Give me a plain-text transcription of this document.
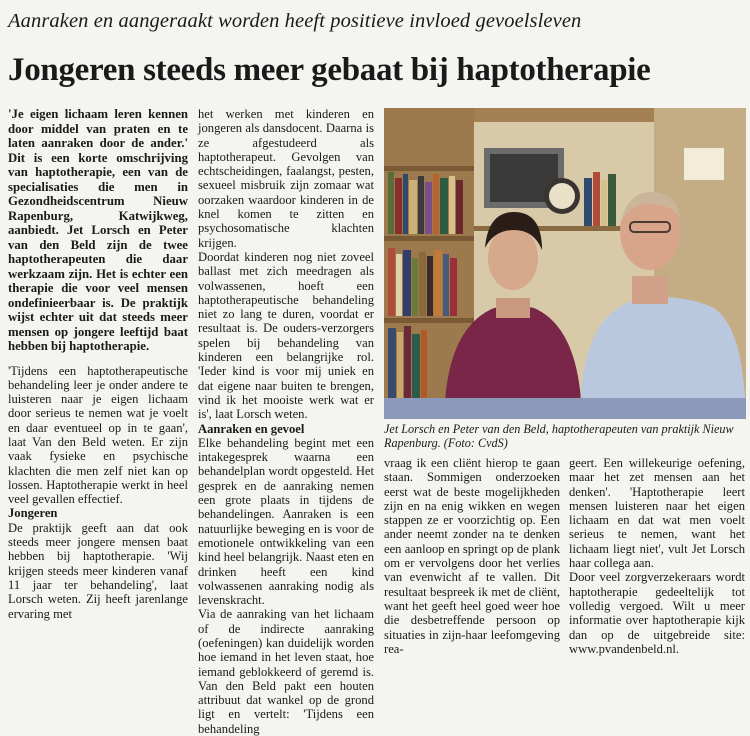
Aanraken en aangeraakt worden heeft positieve invloed gevoelsleven
Jongeren steeds meer gebaat bij haptotherapie

'Je eigen lichaam leren kennen door middel van praten en te laten aanraken door de ander.' Dit is een korte omschrijving van haptotherapie, een van de specialisaties die men in Gezondheidscentrum Nieuw Rapenburg, Katwijkweg, aanbiedt. Jet Lorsch en Peter van den Beld zijn de twee haptotherapeuten die daar werkzaam zijn. Het is echter een therapie die voor veel mensen ondefinieerbaar is. De praktijk wijst echter uit dat steeds meer mensen op jongere leeftijd baat hebben bij haptotherapie.

'Tijdens een haptotherapeutische behandeling leer je onder andere te luisteren naar je eigen lichaam door serieus te nemen wat je voelt en daar eventueel op in te gaan', laat Van den Beld weten. Er zijn vaak fysieke en psychische klachten die men zelf niet kan op lossen. Haptotherapie werkt in heel veel gevallen effectief.

Jongeren

De praktijk geeft aan dat ook steeds meer jongere mensen baat hebben bij haptotherapie. 'Wij krijgen steeds meer kinderen vanaf 11 jaar ter behandeling', laat Lorsch weten. Zij heeft jarenlange ervaring met

het werken met kinderen en jongeren als dansdocent. Daarna is ze afgestudeerd als haptotherapeut. Gevolgen van echtscheidingen, faalangst, pesten, sexueel misbruik zijn zomaar wat oorzaken waardoor kinderen in de knel komen te zitten en psychosomatische klachten krijgen.

Doordat kinderen nog niet zoveel ballast met zich meedragen als volwassenen, hoeft een haptotherapeutische behandeling niet zo lang te duren, voordat er resultaat is. De ouders-verzorgers spelen bij behandeling van kinderen een belangrijke rol. 'Ieder kind is voor mij uniek en dat eigene naar buiten te brengen, vind ik het mooiste werk wat er is', laat Lorsch weten.

Aanraken en gevoel

Elke behandeling begint met een intakegesprek waarna een behandelplan wordt opgesteld. Het gesprek en de aanraking nemen een grote plaats in tijdens de behandelingen. Aanraken is een natuurlijke beweging en is voor de emotionele ontwikkeling van een kind heel belangrijk. Naast eten en drinken heeft een kind volwassenen aanraking nodig als levenskracht.

Via de aanraking van het lichaam of de indirecte aanraking (oefeningen) kan duidelijk worden hoe iemand in het leven staat, hoe iemand geblokkeerd of geremd is. Van den Beld pakt een houten attribuut dat wankel op de grond ligt en vertelt: 'Tijdens een behandeling

Jet Lorsch en Peter van den Beld, haptotherapeuten van praktijk Nieuw Rapenburg. (Foto: CvdS)

vraag ik een cliënt hierop te gaan staan. Sommigen onderzoeken eerst wat de beste mogelijkheden zijn en na enig wikken en wegen stappen ze er voorzichtig op. Een ander neemt zonder na te denken een aanloop en springt op de plank om er vervolgens door het verlies van evenwicht af te vallen. Dit resultaat bespreek ik met de cliënt, want het geeft heel goed weer hoe die desbetreffende persoon op situaties in zijn-haar leefomgeving rea-

geert. Een willekeurige oefening, maar het zet mensen aan het denken'. 'Haptotherapie leert mensen luisteren naar het eigen lichaam en dat wat men voelt serieus te nemen, want het lichaam liegt niet', vult Jet Lorsch haar collega aan.

Door veel zorgverzekeraars wordt haptotherapie gedeeltelijk tot volledig vergoed. Wilt u meer informatie over haptotherapie kijk dan op de uitgebreide site: www.pvandenbeld.nl.
